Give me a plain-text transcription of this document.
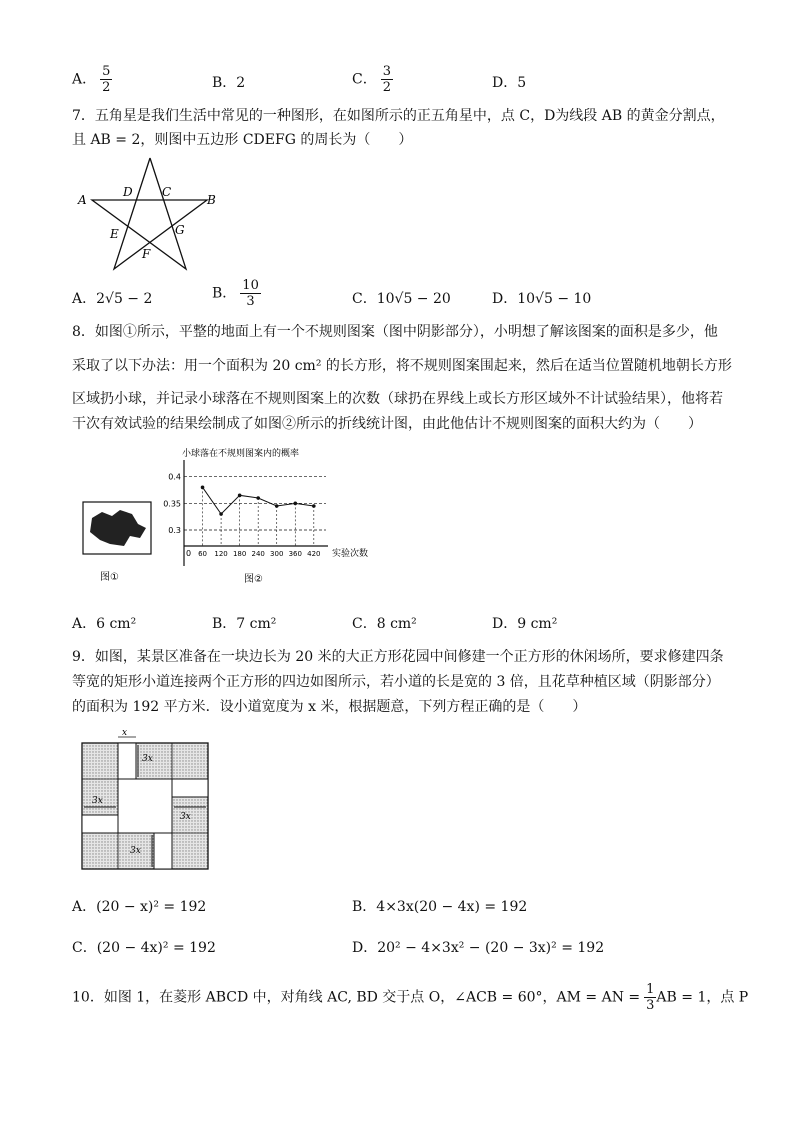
A． $\frac{5}{2}$	B．2	C． $\frac{3}{2}$	D．5
7．五角星是我们生活中常见的一种图形，在如图所示的正五角星中，点 C，D为线段 AB 的黄金分割点，
且 AB = 2，则图中五边形 CDEFG 的周长为（　　）
A
D C
B
E	G
F
A．2√5 − 2	B． $\frac{10}{3}$	C．10√5 − 20	D．10√5 − 10
8．如图①所示，平整的地面上有一个不规则图案（图中阴影部分），小明想了解该图案的面积是多少，他
采取了以下办法：用一个面积为 20 cm² 的长方形，将不规则图案围起来，然后在适当位置随机地朝长方形
区域扔小球，并记录小球落在不规则图案上的次数（球扔在界线上或长方形区域外不计试验结果），他将若
干次有效试验的结果绘制成了如图②所示的折线统计图，由此他估计不规则图案的面积大约为（　　）
图①
小球落在不规则图案内的概率
0
0.4
0.35
0.3
60 120 180 240 300 360 420 实验次数
图②
A．6 cm²	B．7 cm²	C．8 cm²	D．9 cm²
9．如图，某景区准备在一块边长为 20 米的大正方形花园中间修建一个正方形的休闲场所，要求修建四条
等宽的矩形小道连接两个正方形的四边如图所示，若小道的长是宽的 3 倍，且花草种植区域（阴影部分）
的面积为 192 平方米．设小道宽度为 x 米，根据题意，下列方程正确的是（　　）
x
3x
3x
3x
3x
A．(20 − x)² = 192	B．4×3x(20 − 4x) = 192
C．(20 − 4x)² = 192	D．20² − 4×3x² − (20 − 3x)² = 192
10．如图 1，在菱形 ABCD 中，对角线 AC, BD 交于点 O，∠ACB = 60°，AM = AN = $\frac{1}{3}$ AB = 1，点 P
